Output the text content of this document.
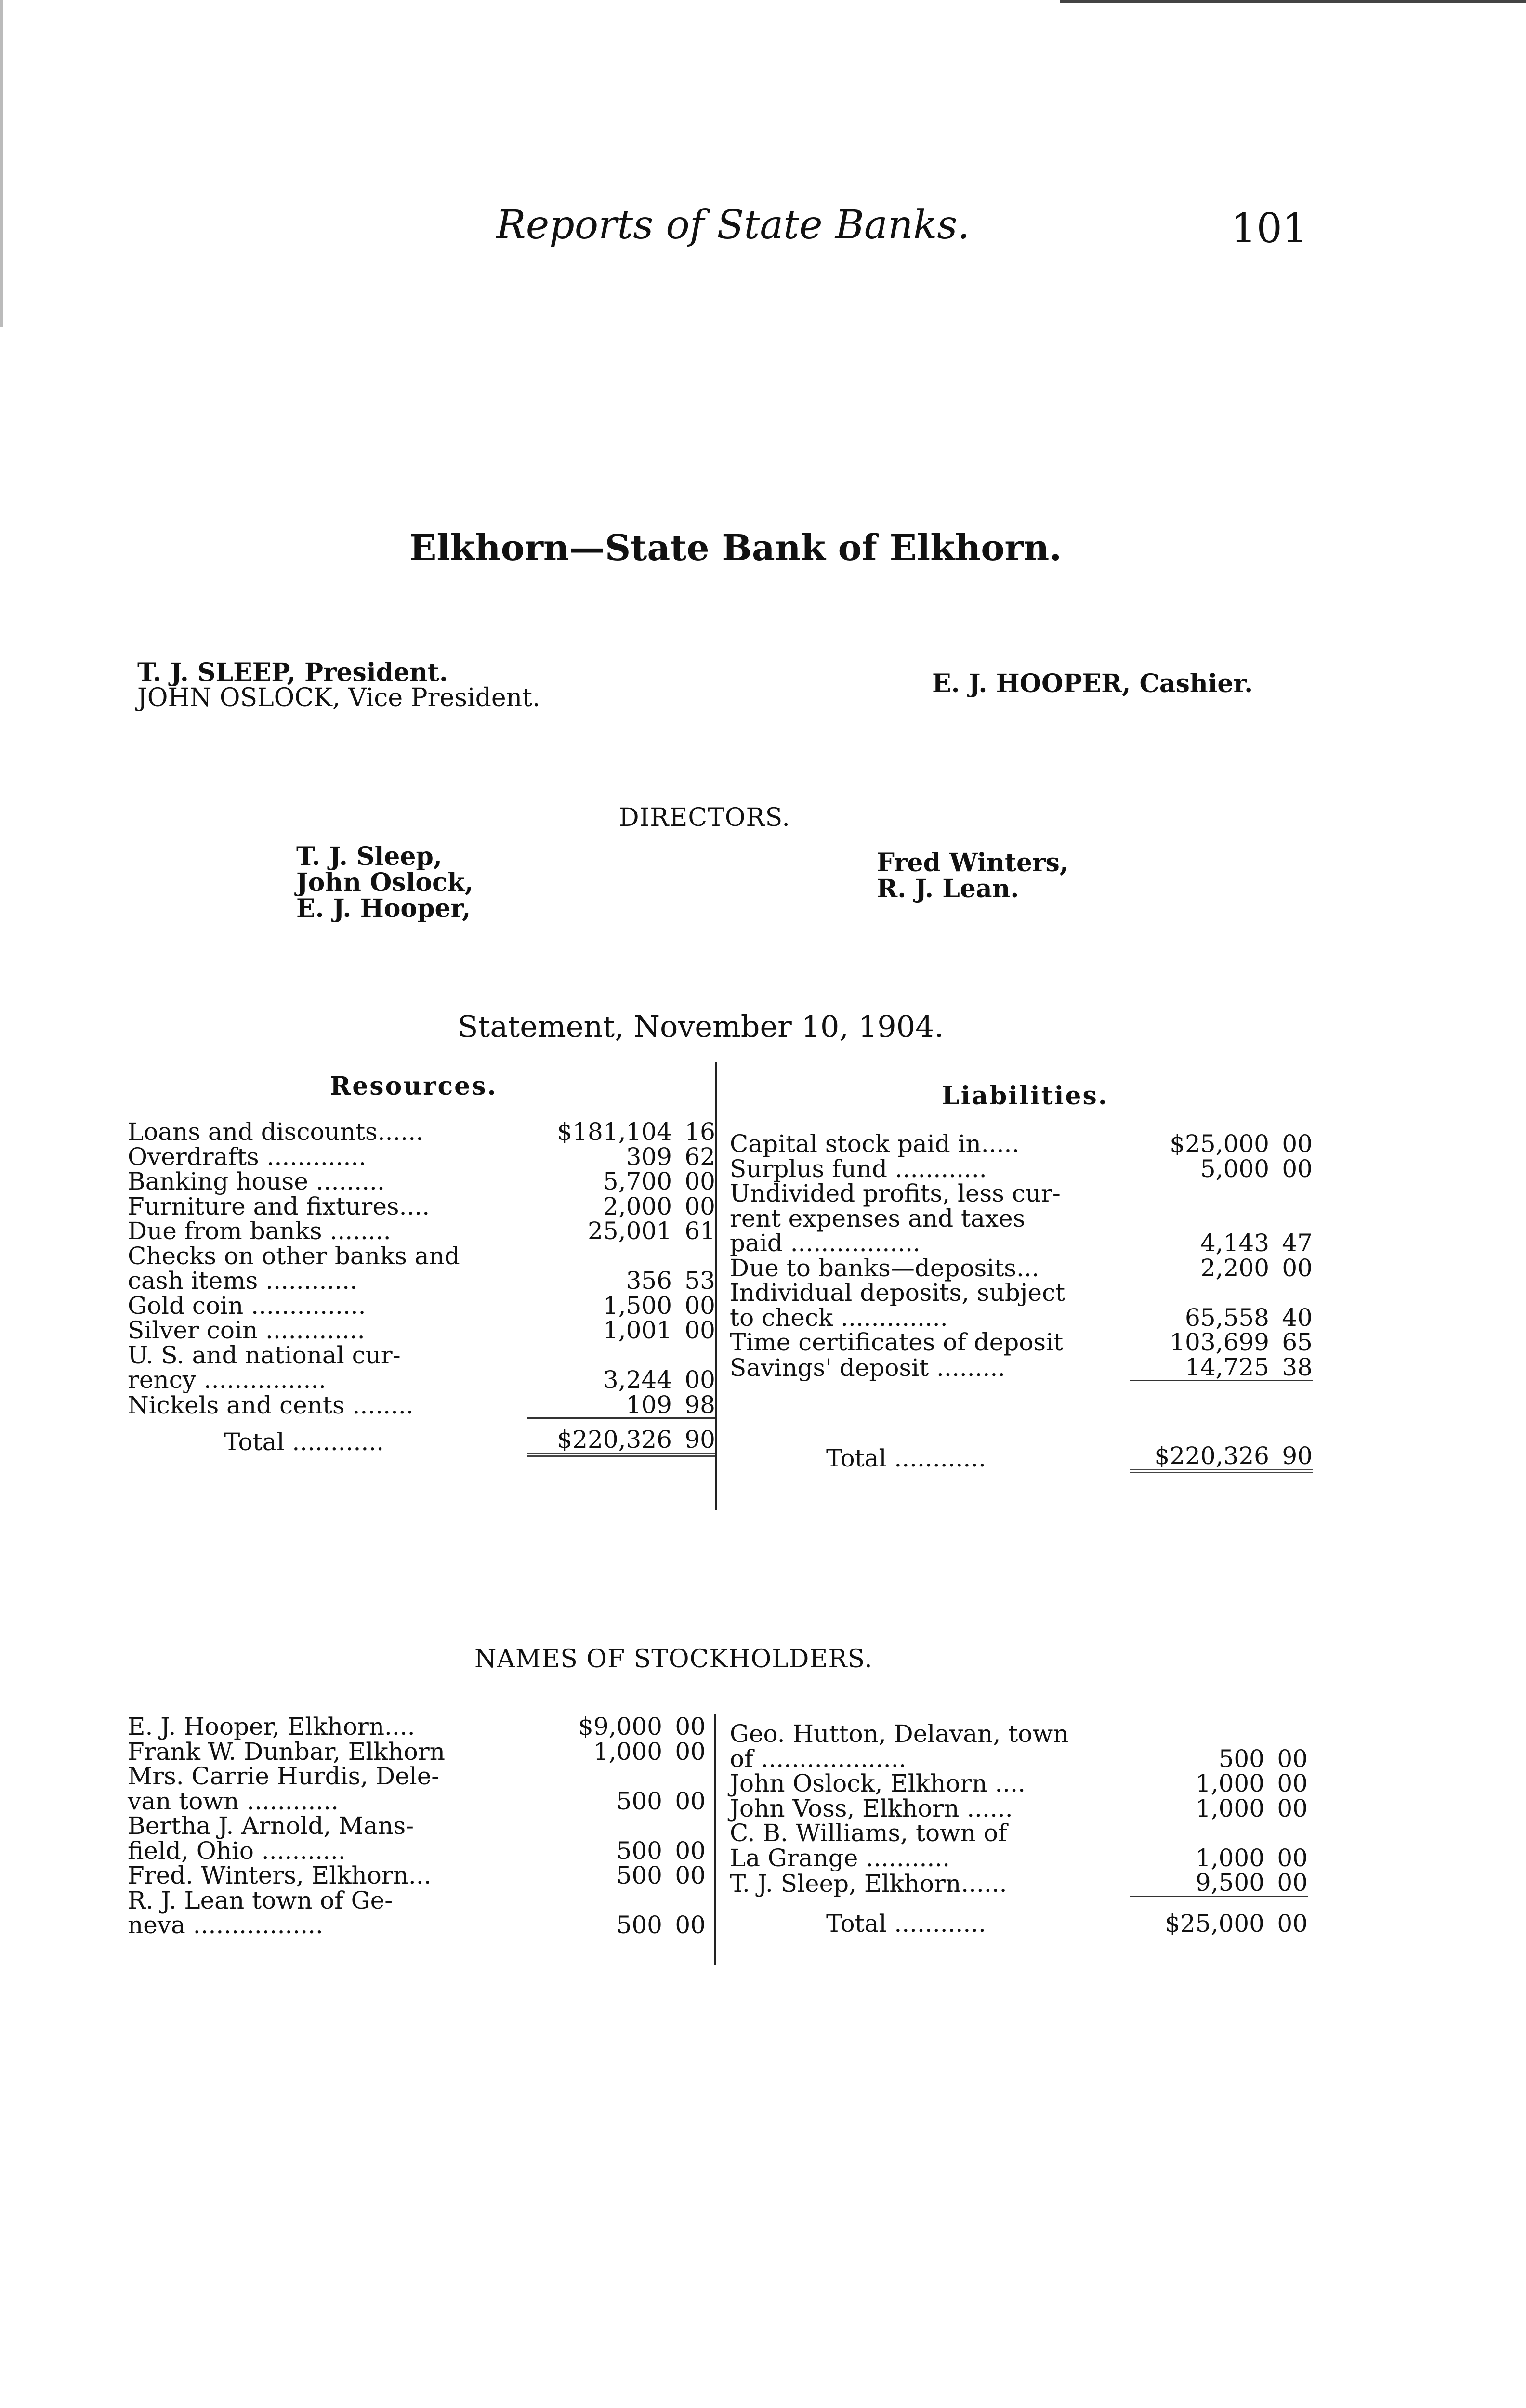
Reports of State Banks.	101
Elkhorn—State Bank of Elkhorn.
T. J. SLEEP, President.
JOHN OSLOCK, Vice President.	E. J. HOOPER, Cashier.
DIRECTORS.
T. J. Sleep,
John Oslock,
E. J. Hooper,
Fred Winters,
R. J. Lean.
Statement, November 10, 1904.
Resources.
Loans and discounts......	$181,104	16
Overdrafts .............	309	62
Banking house .........	5,700	00
Furniture and fixtures....	2,000	00
Due from banks ........	25,001	61
Checks on other banks and		
cash items ............	356	53
Gold coin ...............	1,500	00
Silver coin .............	1,001	00
U. S. and national cur-		
rency ................	3,244	00
Nickels and cents ........	109	98
Total ............	$220,326	90
Liabilities.
Capital stock paid in.....	$25,000	00
Surplus fund ............	5,000	00
Undivided profits, less cur-		
rent expenses and taxes		
paid .................	4,143	47
Due to banks—deposits...	2,200	00
Individual deposits, subject		
to check ..............	65,558	40
Time certificates of deposit	103,699	65
Savings' deposit .........	14,725	38
Total ............	$220,326	90
NAMES OF STOCKHOLDERS.
E. J. Hooper, Elkhorn....	$9,000	00
Frank W. Dunbar, Elkhorn	1,000	00
Mrs. Carrie Hurdis, Dele-		
van town ............	500	00
Bertha J. Arnold, Mans-		
field, Ohio ...........	500	00
Fred. Winters, Elkhorn...	500	00
R. J. Lean town of Ge-		
neva .................	500	00
Geo. Hutton, Delavan, town		
of ...................	500	00
John Oslock, Elkhorn ....	1,000	00
John Voss, Elkhorn ......	1,000	00
C. B. Williams, town of		
La Grange ...........	1,000	00
T. J. Sleep, Elkhorn......	9,500	00
Total ............	$25,000	00
